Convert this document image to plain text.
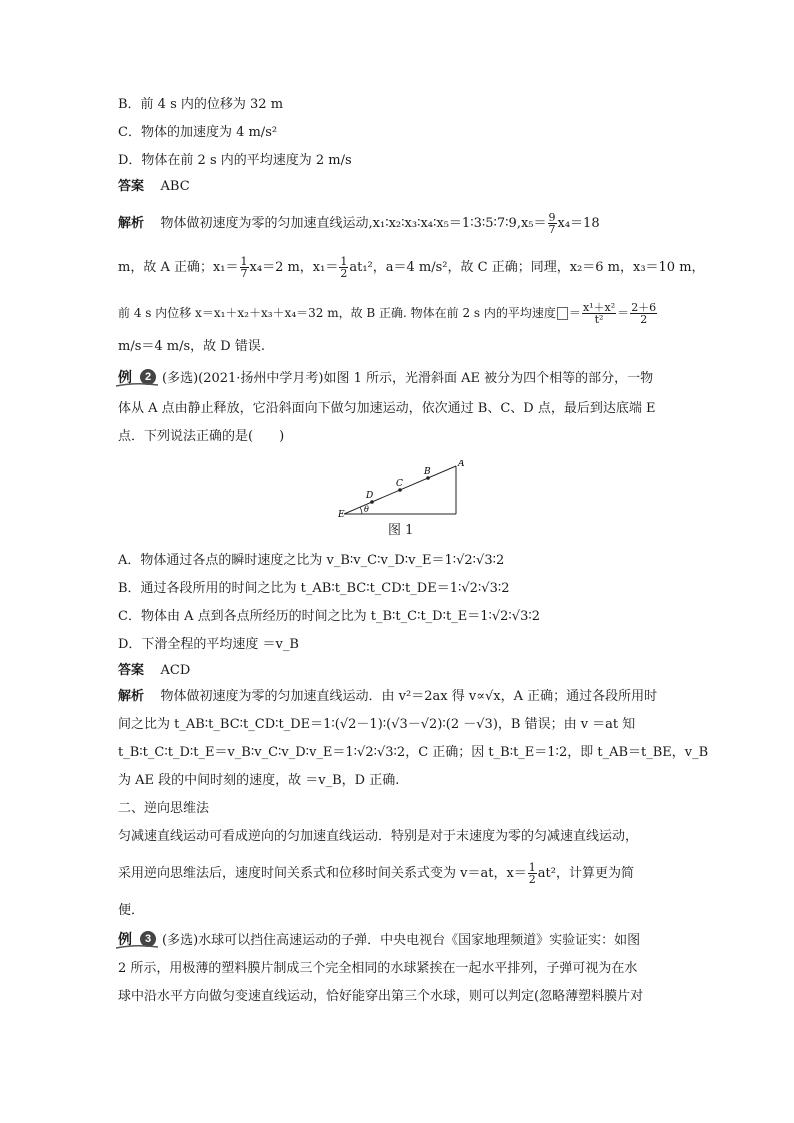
B．前 4 s 内的位移为 32 m
C．物体的加速度为 4 m/s²
D．物体在前 2 s 内的平均速度为 2 m/s
答案 ABC
解析 物体做初速度为零的匀加速直线运动,x₁∶x₂∶x₃∶x₄∶x₅＝1∶3∶5∶7∶9,x₅＝ $\frac{9}{7} x_4=18$
m，故 A 正确；$x_1= \frac{1}{7} x_4=2$ m，$x_1= \frac{1}{2} at_1^2$，a＝4 m/s²，故 C 正确；同理，x₂＝6 m，x₃＝10 m，
前 4 s 内位移 x＝x₁＋x₂＋x₃＋x₄＝32 m，故 B 正确. 物体在前 2 s 内的平均速度 ＝ $\frac{\text{x¹＋x²}}{\text{t²}} = \frac{2+6}{2}$
m/s＝4 m/s，故 D 错误.
例	2 (多选)(2021·扬州中学月考)如图 1 所示，光滑斜面 AE 被分为四个相等的部分，一物
体从 A 点由静止释放，它沿斜面向下做匀加速运动，依次通过 B、C、D 点，最后到达底端 E
点．下列说法正确的是(　　)
E
D
C
B
A
θ
图 1
A．物体通过各点的瞬时速度之比为 v_B∶v_C∶v_D∶v_E＝1∶√2∶√3∶2
B．通过各段所用的时间之比为 t_AB∶t_BC∶t_CD∶t_DE＝1∶√2∶√3∶2
C．物体由 A 点到各点所经历的时间之比为 t_B∶t_C∶t_D∶t_E＝1∶√2∶√3∶2
D．下滑全程的平均速度 ＝v_B
答案 ACD
解析 物体做初速度为零的匀加速直线运动．由 v²＝2ax 得 v∝√x，A 正确；通过各段所用时
间之比为 t_AB∶t_BC∶t_CD∶t_DE＝1∶(√2－1)∶(√3－√2)∶(2 －√3)，B 错误；由 v ＝at 知
t_B∶t_C∶t_D∶t_E＝v_B∶v_C∶v_D∶v_E＝1∶√2∶√3∶2，C 正确；因 t_B∶t_E＝1∶2，即 t_AB＝t_BE，v_B
为 AE 段的中间时刻的速度，故 ＝v_B，D 正确.
二、逆向思维法
匀减速直线运动可看成逆向的匀加速直线运动．特别是对于末速度为零的匀减速直线运动，
采用逆向思维法后，速度时间关系式和位移时间关系式变为 v＝at，$x= \frac{1}{2} at^2$，计算更为简
便．
例	3 (多选)水球可以挡住高速运动的子弹．中央电视台《国家地理频道》实验证实：如图
2 所示，用极薄的塑料膜片制成三个完全相同的水球紧挨在一起水平排列，子弹可视为在水
球中沿水平方向做匀变速直线运动，恰好能穿出第三个水球，则可以判定(忽略薄塑料膜片对
